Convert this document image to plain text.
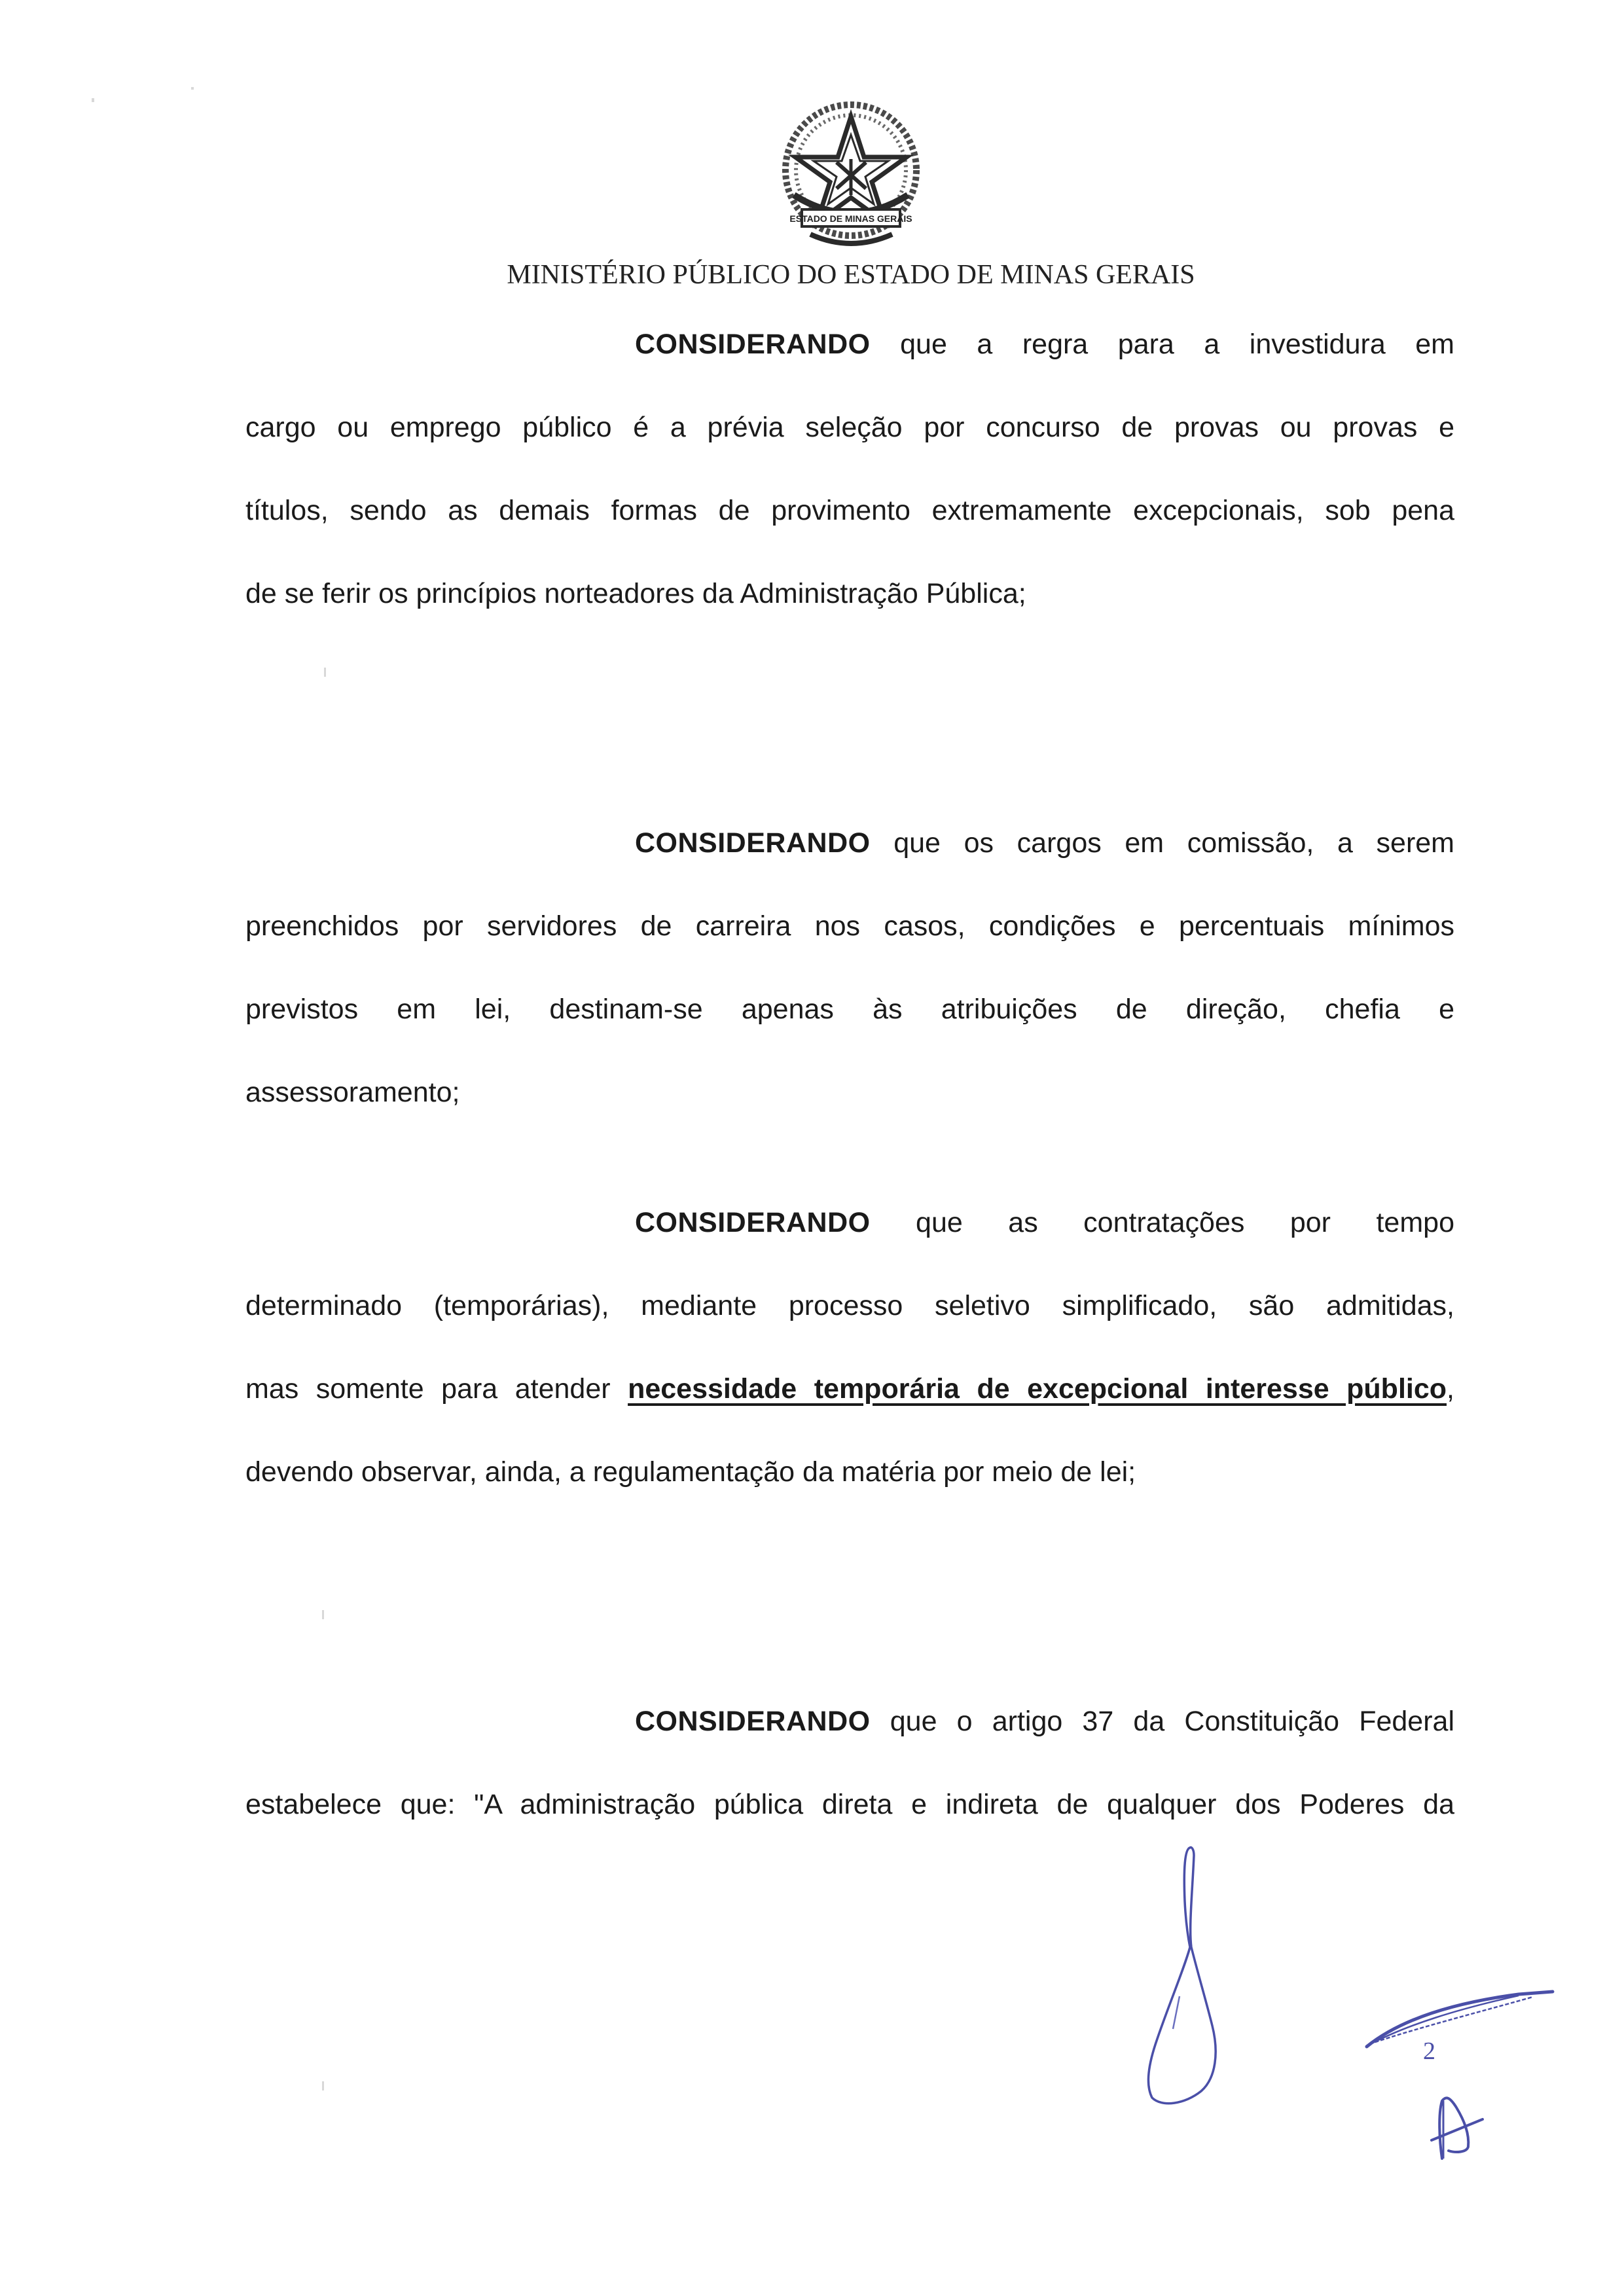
ESTADO DE MINAS GERAIS
MINISTÉRIO PÚBLICO DO ESTADO DE MINAS GERAIS
CONSIDERANDO que a regra para a investidura em
cargo ou emprego público é a prévia seleção por concurso de provas ou provas e
títulos, sendo as demais formas de provimento extremamente excepcionais, sob pena
de se ferir os princípios norteadores da Administração Pública;
CONSIDERANDO que os cargos em comissão, a serem
preenchidos por servidores de carreira nos casos, condições e percentuais mínimos
previstos em lei, destinam-se apenas às atribuições de direção, chefia e
assessoramento;
CONSIDERANDO que as contratações por tempo
determinado (temporárias), mediante processo seletivo simplificado, são admitidas,
mas somente para atender necessidade temporária de excepcional interesse público,
devendo observar, ainda, a regulamentação da matéria por meio de lei;
CONSIDERANDO que o artigo 37 da Constituição Federal
estabelece que: "A administração pública direta e indireta de qualquer dos Poderes da
2
